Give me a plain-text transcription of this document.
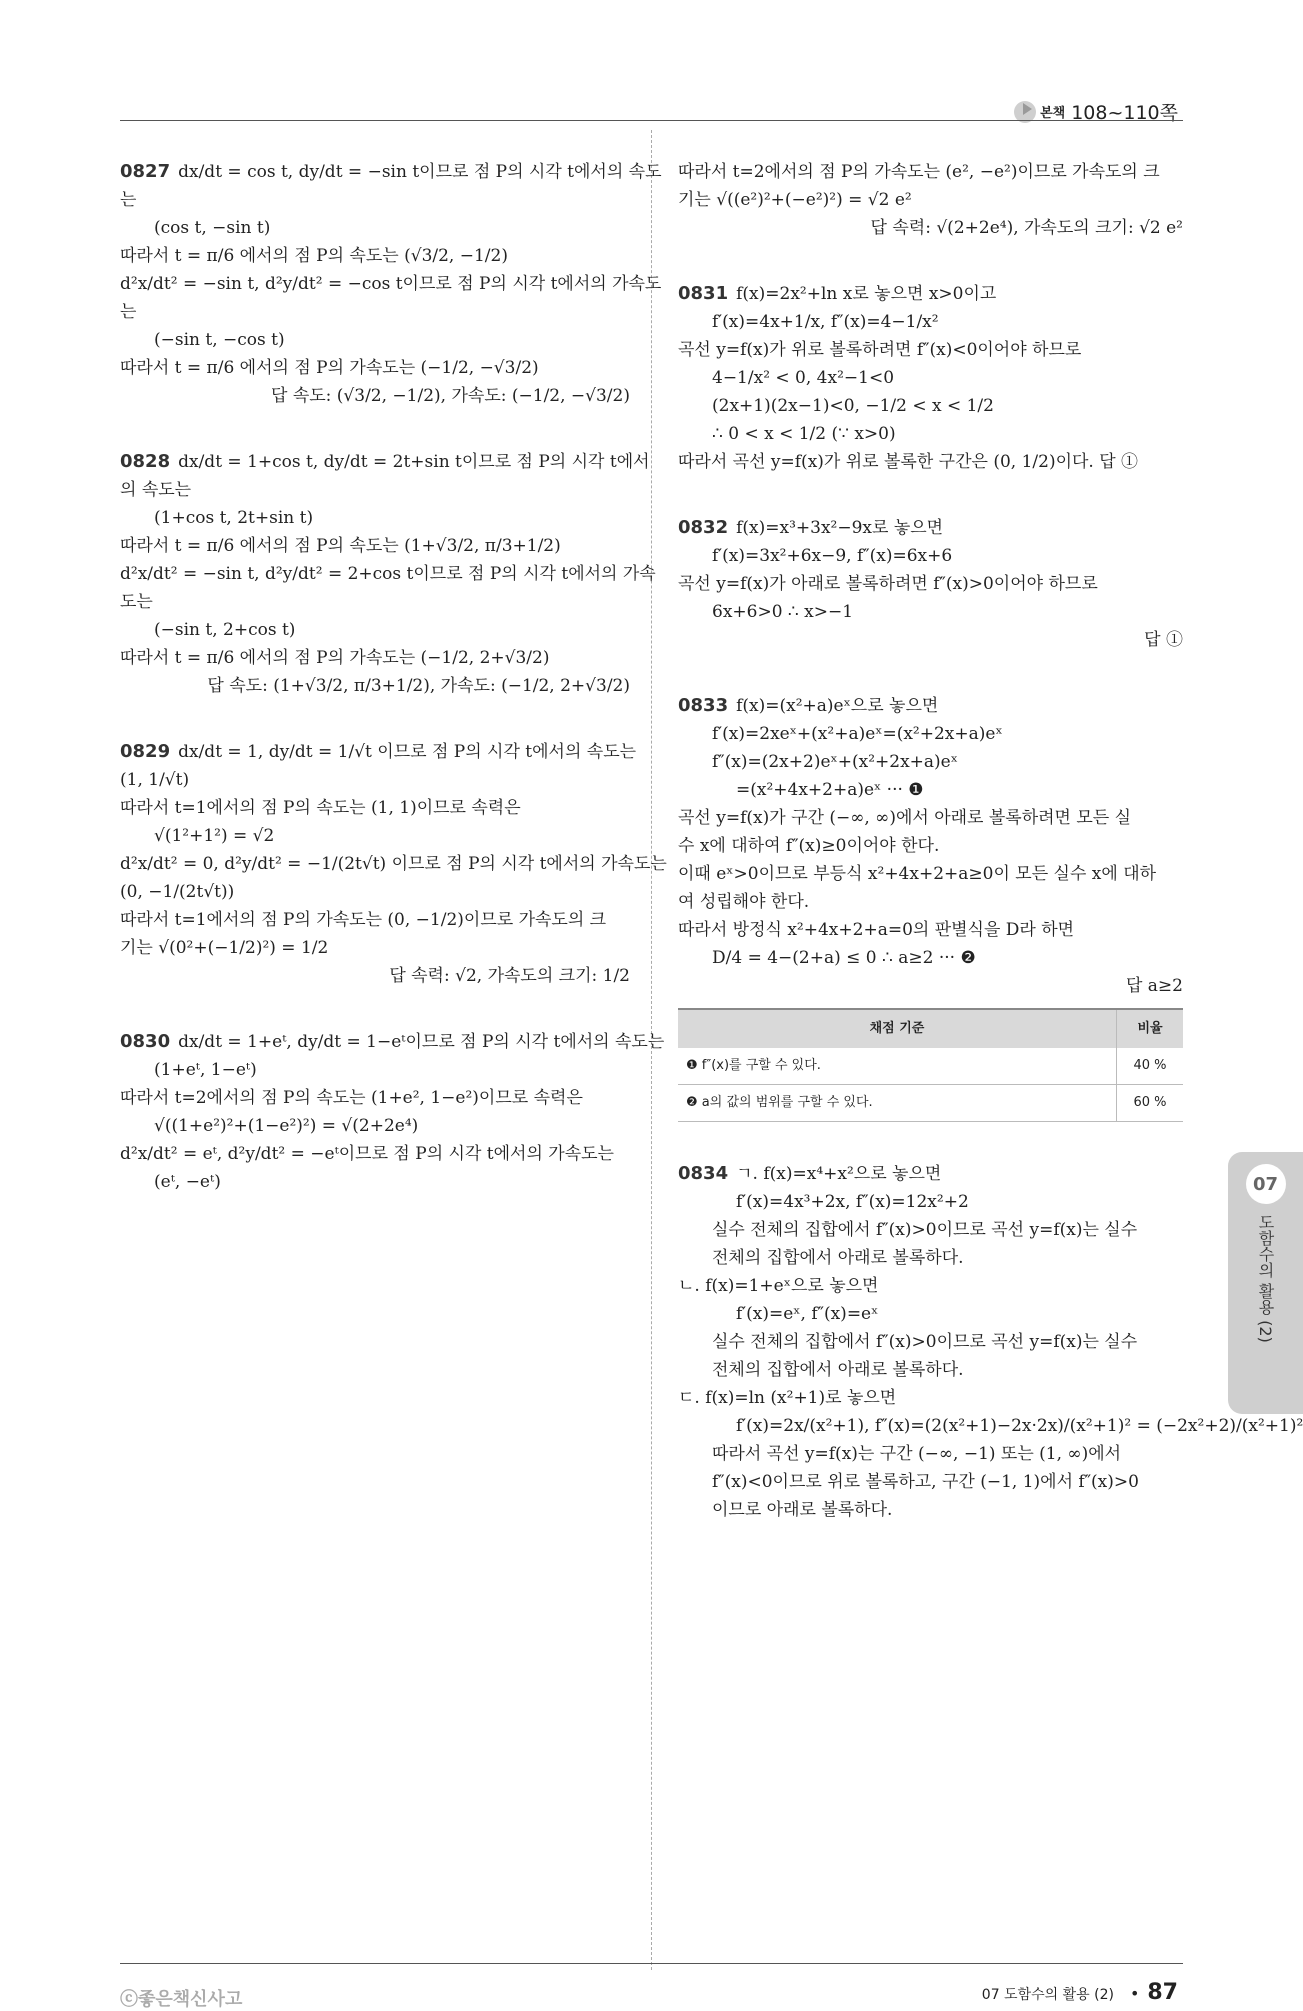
본책 108~110쪽
0827 dx/dt = cos t, dy/dt = −sin t이므로 점 P의 시각 t에서의 속도
는
(cos t, −sin t)
따라서 t = π/6 에서의 점 P의 속도는 (√3/2, −1/2)
d²x/dt² = −sin t, d²y/dt² = −cos t이므로 점 P의 시각 t에서의 가속도
는
(−sin t, −cos t)
따라서 t = π/6 에서의 점 P의 가속도는 (−1/2, −√3/2)
답 속도: (√3/2, −1/2), 가속도: (−1/2, −√3/2)
0828 dx/dt = 1+cos t, dy/dt = 2t+sin t이므로 점 P의 시각 t에서
의 속도는
(1+cos t, 2t+sin t)
따라서 t = π/6 에서의 점 P의 속도는 (1+√3/2, π/3+1/2)
d²x/dt² = −sin t, d²y/dt² = 2+cos t이므로 점 P의 시각 t에서의 가속
도는
(−sin t, 2+cos t)
따라서 t = π/6 에서의 점 P의 가속도는 (−1/2, 2+√3/2)
답 속도: (1+√3/2, π/3+1/2), 가속도: (−1/2, 2+√3/2)
0829 dx/dt = 1, dy/dt = 1/√t 이므로 점 P의 시각 t에서의 속도는
(1, 1/√t)
따라서 t=1에서의 점 P의 속도는 (1, 1)이므로 속력은
√(1²+1²) = √2
d²x/dt² = 0, d²y/dt² = −1/(2t√t) 이므로 점 P의 시각 t에서의 가속도는
(0, −1/(2t√t))
따라서 t=1에서의 점 P의 가속도는 (0, −1/2)이므로 가속도의 크
기는 √(0²+(−1/2)²) = 1/2
답 속력: √2, 가속도의 크기: 1/2
0830 dx/dt = 1+eᵗ, dy/dt = 1−eᵗ이므로 점 P의 시각 t에서의 속도는
(1+eᵗ, 1−eᵗ)
따라서 t=2에서의 점 P의 속도는 (1+e², 1−e²)이므로 속력은
√((1+e²)²+(1−e²)²) = √(2+2e⁴)
d²x/dt² = eᵗ, d²y/dt² = −eᵗ이므로 점 P의 시각 t에서의 가속도는
(eᵗ, −eᵗ)
따라서 t=2에서의 점 P의 가속도는 (e², −e²)이므로 가속도의 크
기는 √((e²)²+(−e²)²) = √2 e²
답 속력: √(2+2e⁴), 가속도의 크기: √2 e²
0831 f(x)=2x²+ln x로 놓으면 x>0이고
f′(x)=4x+1/x, f″(x)=4−1/x²
곡선 y=f(x)가 위로 볼록하려면 f″(x)<0이어야 하므로
4−1/x² < 0, 4x²−1<0
(2x+1)(2x−1)<0, −1/2 < x < 1/2
∴ 0 < x < 1/2 (∵ x>0)
따라서 곡선 y=f(x)가 위로 볼록한 구간은 (0, 1/2)이다. 답 ①
0832 f(x)=x³+3x²−9x로 놓으면
f′(x)=3x²+6x−9, f″(x)=6x+6
곡선 y=f(x)가 아래로 볼록하려면 f″(x)>0이어야 하므로
6x+6>0 ∴ x>−1
답 ①
0833 f(x)=(x²+a)eˣ으로 놓으면
f′(x)=2xeˣ+(x²+a)eˣ=(x²+2x+a)eˣ
f″(x)=(2x+2)eˣ+(x²+2x+a)eˣ
=(x²+4x+2+a)eˣ ··· ❶
곡선 y=f(x)가 구간 (−∞, ∞)에서 아래로 볼록하려면 모든 실
수 x에 대하여 f″(x)≥0이어야 한다.
이때 eˣ>0이므로 부등식 x²+4x+2+a≥0이 모든 실수 x에 대하
여 성립해야 한다.
따라서 방정식 x²+4x+2+a=0의 판별식을 D라 하면
D/4 = 4−(2+a) ≤ 0 ∴ a≥2 ··· ❷
답 a≥2
채점 기준	비율
❶ f″(x)를 구할 수 있다.	40 %
❷ a의 값의 범위를 구할 수 있다.	60 %
0834 ㄱ. f(x)=x⁴+x²으로 놓으면
f′(x)=4x³+2x, f″(x)=12x²+2
실수 전체의 집합에서 f″(x)>0이므로 곡선 y=f(x)는 실수
전체의 집합에서 아래로 볼록하다.
ㄴ. f(x)=1+eˣ으로 놓으면
f′(x)=eˣ, f″(x)=eˣ
실수 전체의 집합에서 f″(x)>0이므로 곡선 y=f(x)는 실수
전체의 집합에서 아래로 볼록하다.
ㄷ. f(x)=ln (x²+1)로 놓으면
f′(x)=2x/(x²+1), f″(x)=(2(x²+1)−2x·2x)/(x²+1)² = (−2x²+2)/(x²+1)²
따라서 곡선 y=f(x)는 구간 (−∞, −1) 또는 (1, ∞)에서
f″(x)<0이므로 위로 볼록하고, 구간 (−1, 1)에서 f″(x)>0
이므로 아래로 볼록하다.
07
도함수의 활용 (2)
ⓒ좋은책신사고	07 도함수의 활용 (2) • 87
